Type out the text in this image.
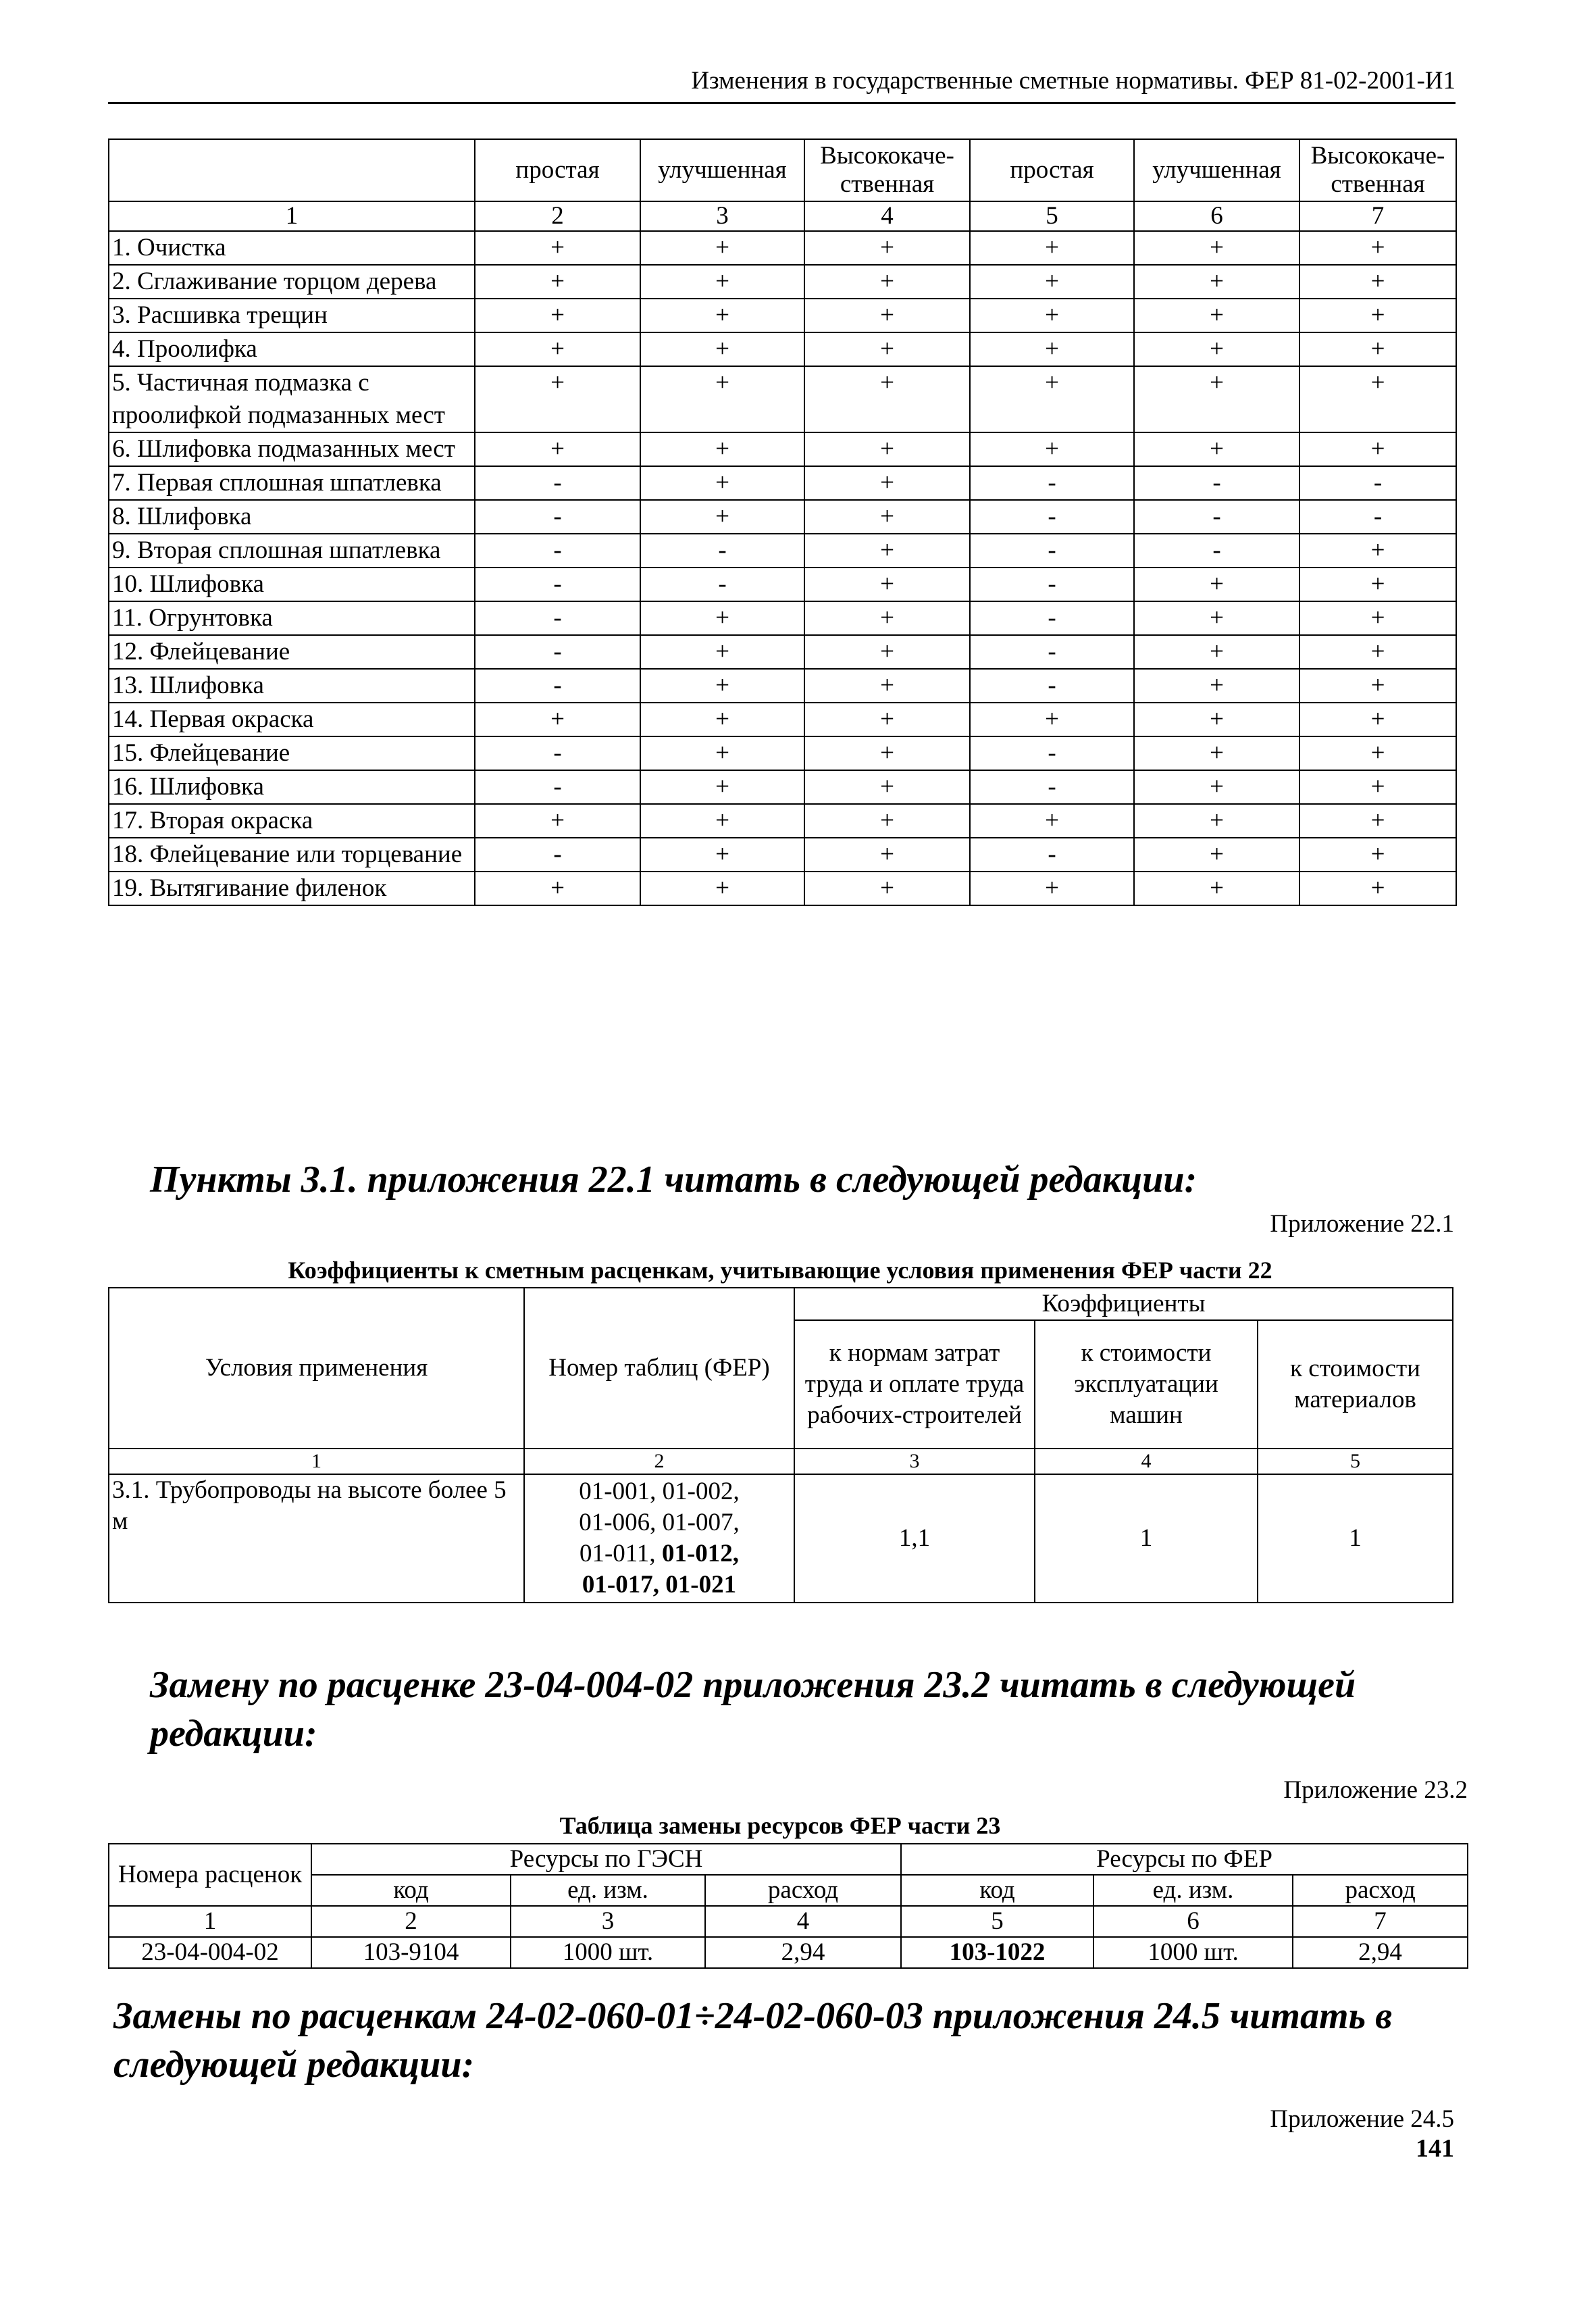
Изменения в государственные сметные нормативы. ФЕР 81-02-2001-И1
	простая	улучшенная	Высококаче-ственная	простая	улучшенная	Высококаче-ственная
1	2	3	4	5	6	7
1. Очистка	+	+	+	+	+	+
2. Сглаживание торцом дерева	+	+	+	+	+	+
3. Расшивка трещин	+	+	+	+	+	+
4. Проолифка	+	+	+	+	+	+
5. Частичная подмазка с проолифкой подмазанных мест	+	+	+	+	+	+
6. Шлифовка подмазанных мест	+	+	+	+	+	+
7. Первая сплошная шпатлевка	-	+	+	-	-	-
8. Шлифовка	-	+	+	-	-	-
9. Вторая сплошная шпатлевка	-	-	+	-	-	+
10. Шлифовка	-	-	+	-	+	+
11. Огрунтовка	-	+	+	-	+	+
12. Флейцевание	-	+	+	-	+	+
13. Шлифовка	-	+	+	-	+	+
14. Первая окраска	+	+	+	+	+	+
15. Флейцевание	-	+	+	-	+	+
16. Шлифовка	-	+	+	-	+	+
17. Вторая окраска	+	+	+	+	+	+
18. Флейцевание или торцевание	-	+	+	-	+	+
19. Вытягивание филенок	+	+	+	+	+	+
Пункты 3.1. приложения 22.1 читать в следующей редакции:
Приложение 22.1
Коэффициенты к сметным расценкам, учитывающие условия применения ФЕР части 22
Условия применения	Номер таблиц (ФЕР)	Коэффициенты		
		к нормам затрат труда и оплате труда рабочих-строителей	к стоимости эксплуатации машин	к стоимости материалов
1	2	3	4	5
3.1. Трубопроводы на высоте более 5 м	01-001, 01-002,
01-006, 01-007,
01-011, 01-012,
01-017, 01-021	1,1	1	1
Замену по расценке 23-04-004-02 приложения 23.2 читать в следующей редакции:
Приложение 23.2
Таблица замены ресурсов ФЕР части 23
Номера расценок	Ресурсы по ГЭСН			Ресурсы по ФЕР		
	код	ед. изм.	расход	код	ед. изм.	расход
1	2	3	4	5	6	7
23-04-004-02	103-9104	1000 шт.	2,94	103-1022	1000 шт.	2,94
Замены по расценкам 24-02-060-01÷24-02-060-03 приложения 24.5 читать в следующей редакции:
Приложение 24.5
141
